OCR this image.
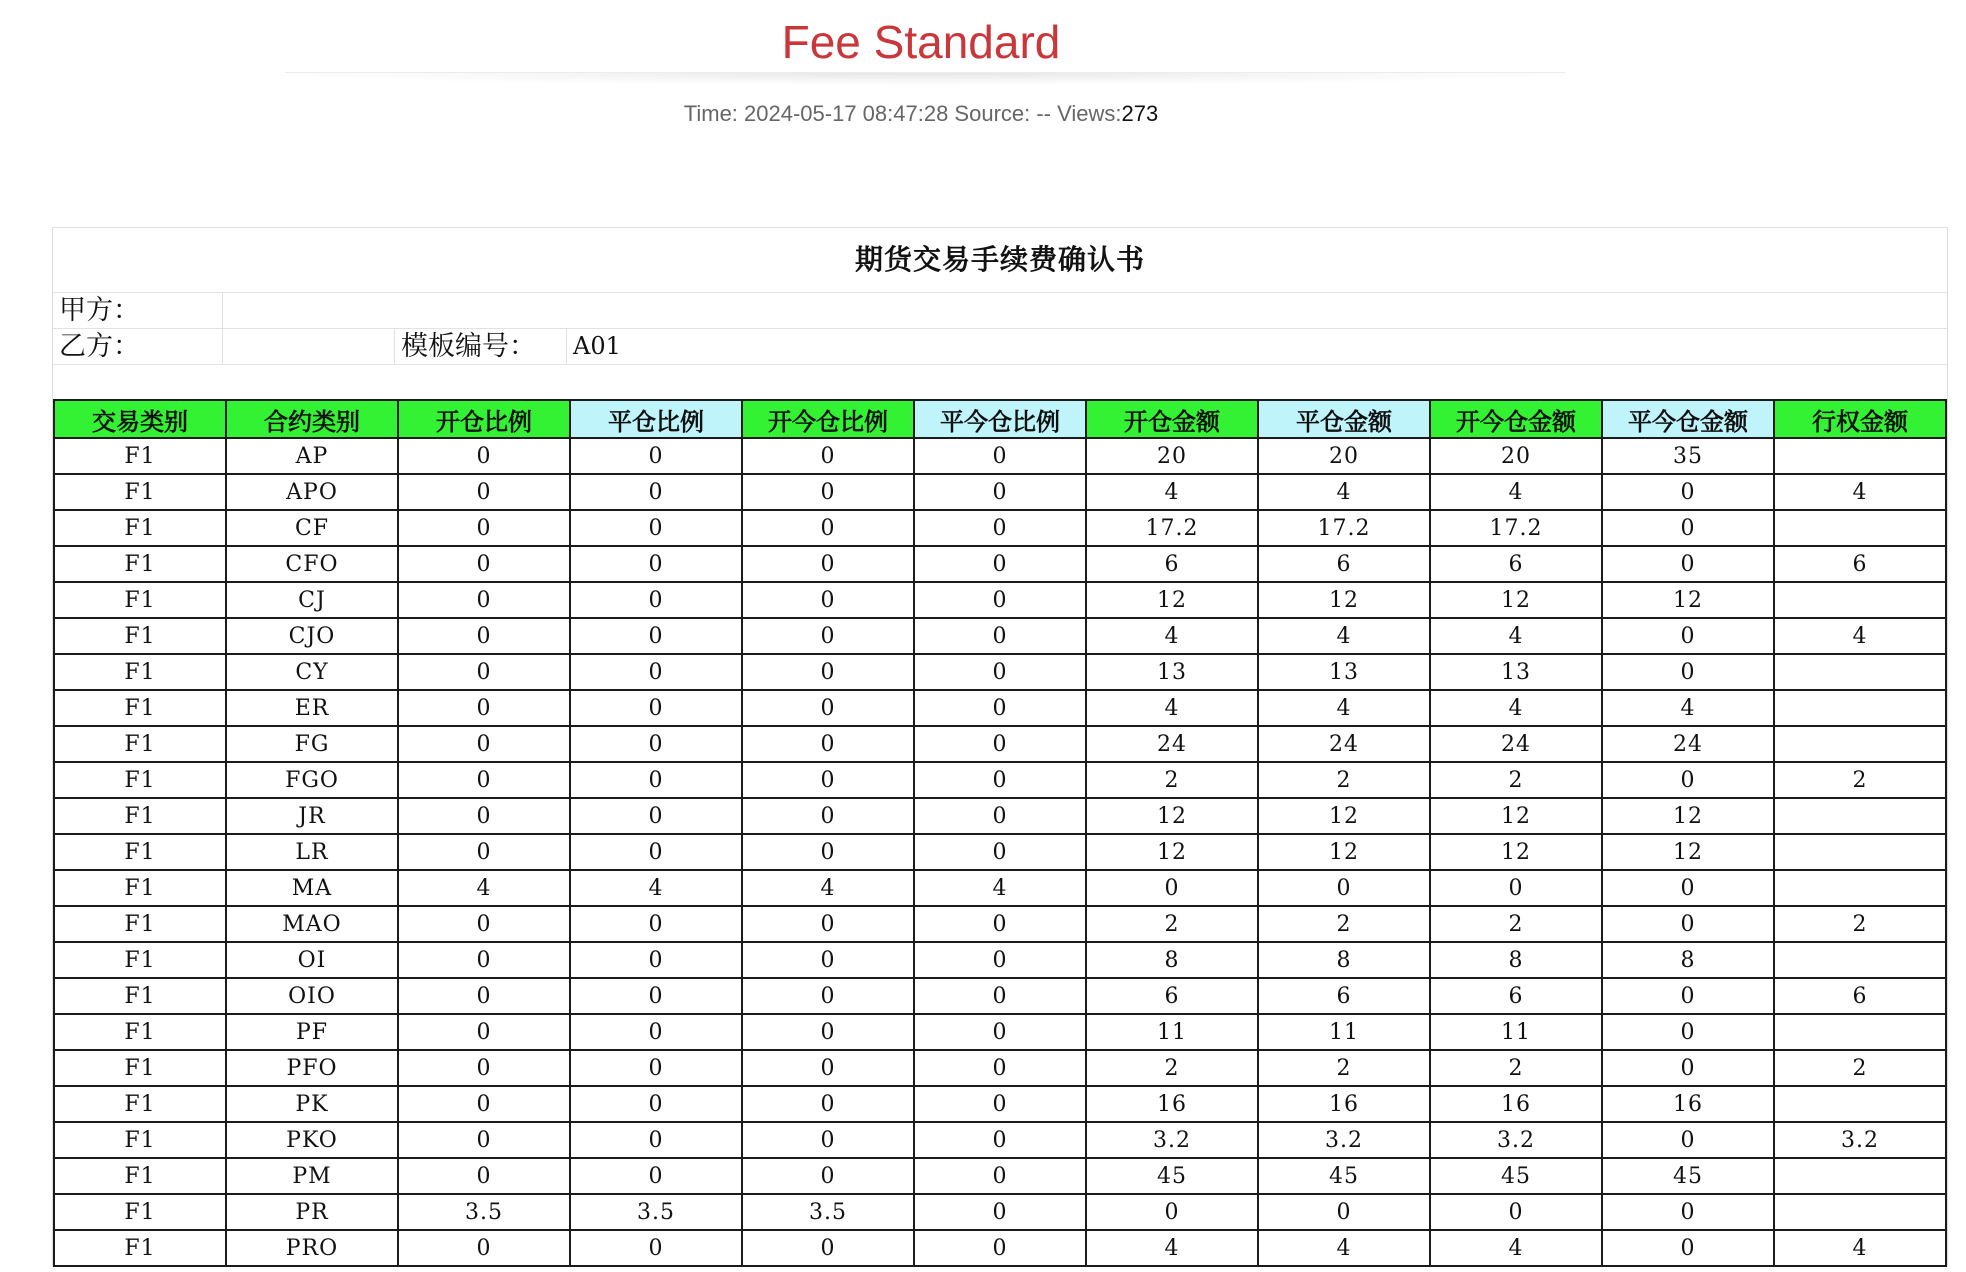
Fee Standard
Time: 2024-05-17 08:47:28 Source: -- Views:273
期货交易手续费确认书
甲方：
乙方：	模板编号：	A01
交易类别	合约类别	开仓比例	平仓比例	开今仓比例	平今仓比例	开仓金额	平仓金额	开今仓金额	平今仓金额	行权金额
F1	AP	0	0	0	0	20	20	20	35	
F1	APO	0	0	0	0	4	4	4	0	4
F1	CF	0	0	0	0	17.2	17.2	17.2	0	
F1	CFO	0	0	0	0	6	6	6	0	6
F1	CJ	0	0	0	0	12	12	12	12	
F1	CJO	0	0	0	0	4	4	4	0	4
F1	CY	0	0	0	0	13	13	13	0	
F1	ER	0	0	0	0	4	4	4	4	
F1	FG	0	0	0	0	24	24	24	24	
F1	FGO	0	0	0	0	2	2	2	0	2
F1	JR	0	0	0	0	12	12	12	12	
F1	LR	0	0	0	0	12	12	12	12	
F1	MA	4	4	4	4	0	0	0	0	
F1	MAO	0	0	0	0	2	2	2	0	2
F1	OI	0	0	0	0	8	8	8	8	
F1	OIO	0	0	0	0	6	6	6	0	6
F1	PF	0	0	0	0	11	11	11	0	
F1	PFO	0	0	0	0	2	2	2	0	2
F1	PK	0	0	0	0	16	16	16	16	
F1	PKO	0	0	0	0	3.2	3.2	3.2	0	3.2
F1	PM	0	0	0	0	45	45	45	45	
F1	PR	3.5	3.5	3.5	0	0	0	0	0	
F1	PRO	0	0	0	0	4	4	4	0	4
